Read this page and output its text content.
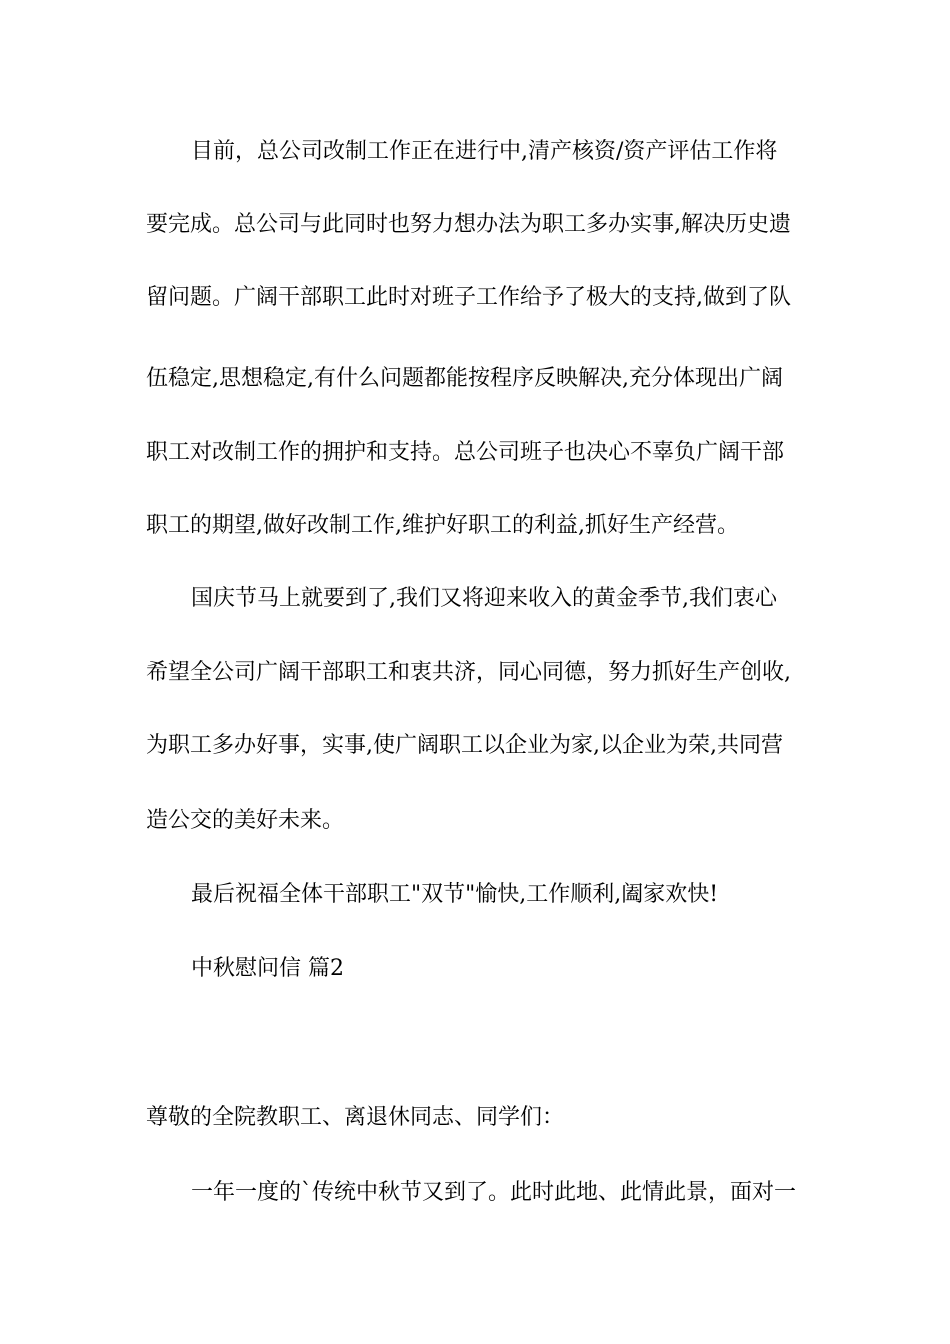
目前，总公司改制工作正在进行中,清产核资/资产评估工作将

要完成。总公司与此同时也努力想办法为职工多办实事,解决历史遗

留问题。广阔干部职工此时对班子工作给予了极大的支持,做到了队

伍稳定,思想稳定,有什么问题都能按程序反映解决,充分体现出广阔

职工对改制工作的拥护和支持。总公司班子也决心不辜负广阔干部

职工的期望,做好改制工作,维护好职工的利益,抓好生产经营。

国庆节马上就要到了,我们又将迎来收入的黄金季节,我们衷心

希望全公司广阔干部职工和衷共济，同心同德，努力抓好生产创收,

为职工多办好事，实事,使广阔职工以企业为家,以企业为荣,共同营

造公交的美好未来。

最后祝福全体干部职工"双节"愉快,工作顺利,阖家欢快!

中秋慰问信 篇2

尊敬的全院教职工、离退休同志、同学们：

一年一度的`传统中秋节又到了。此时此地、此情此景，面对一
